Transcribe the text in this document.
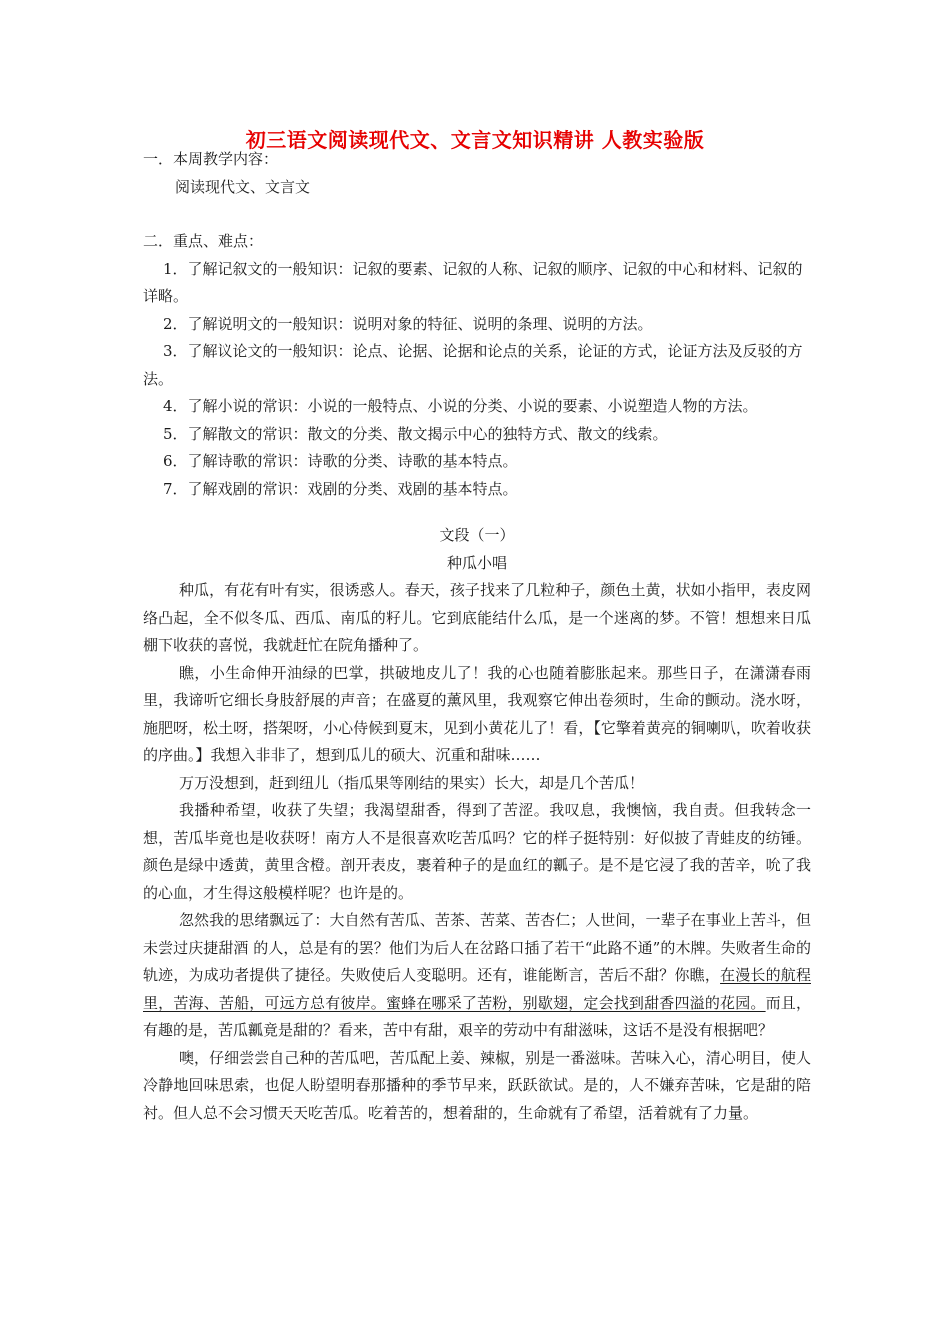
初三语文阅读现代文、文言文知识精讲 人教实验版

一．本周教学内容：

阅读现代文、文言文

二．重点、难点：

1．了解记叙文的一般知识：记叙的要素、记叙的人称、记叙的顺序、记叙的中心和材料、记叙的详略。

2．了解说明文的一般知识：说明对象的特征、说明的条理、说明的方法。

3．了解议论文的一般知识：论点、论据、论据和论点的关系，论证的方式，论证方法及反驳的方法。

4．了解小说的常识：小说的一般特点、小说的分类、小说的要素、小说塑造人物的方法。

5．了解散文的常识：散文的分类、散文揭示中心的独特方式、散文的线索。

6．了解诗歌的常识：诗歌的分类、诗歌的基本特点。

7．了解戏剧的常识：戏剧的分类、戏剧的基本特点。

文段（一）

种瓜小唱

种瓜，有花有叶有实，很诱惑人。春天，孩子找来了几粒种子，颜色土黄，状如小指甲，表皮网络凸起，全不似冬瓜、西瓜、南瓜的籽儿。它到底能结什么瓜，是一个迷离的梦。不管！想想来日瓜棚下收获的喜悦，我就赶忙在院角播种了。

瞧，小生命伸开油绿的巴掌，拱破地皮儿了！我的心也随着膨胀起来。那些日子，在潇潇春雨里，我谛听它细长身肢舒展的声音；在盛夏的薰风里，我观察它伸出卷须时，生命的颤动。浇水呀，施肥呀，松土呀，搭架呀，小心侍候到夏末，见到小黄花儿了！看，【它擎着黄亮的铜喇叭，吹着收获的序曲。】我想入非非了，想到瓜儿的硕大、沉重和甜味……

万万没想到，赶到纽儿（指瓜果等刚结的果实）长大，却是几个苦瓜！

我播种希望，收获了失望；我渴望甜香，得到了苦涩。我叹息，我懊恼，我自责。但我转念一想，苦瓜毕竟也是收获呀！南方人不是很喜欢吃苦瓜吗？它的样子挺特别：好似披了青蛙皮的纺锤。颜色是绿中透黄，黄里含橙。剖开表皮，裹着种子的是血红的瓤子。是不是它浸了我的苦辛，吮了我的心血，才生得这般模样呢？也许是的。

忽然我的思绪飘远了：大自然有苦瓜、苦茶、苦菜、苦杏仁；人世间，一辈子在事业上苦斗，但未尝过庆捷甜酒 的人，总是有的罢？他们为后人在岔路口插了若干“此路不通”的木牌。失败者生命的轨迹，为成功者提供了捷径。失败使后人变聪明。还有，谁能断言，苦后不甜？你瞧，在漫长的航程里，苦海、苦船，可远方总有彼岸。蜜蜂在哪采了苦粉，别歇翅，定会找到甜香四溢的花园。而且，有趣的是，苦瓜瓤竟是甜的？看来，苦中有甜，艰辛的劳动中有甜滋味，这话不是没有根据吧？

噢，仔细尝尝自己种的苦瓜吧，苦瓜配上姜、辣椒，别是一番滋味。苦味入心，清心明目，使人冷静地回味思索，也促人盼望明春那播种的季节早来，跃跃欲试。是的，人不嫌弃苦味，它是甜的陪衬。但人总不会习惯天天吃苦瓜。吃着苦的，想着甜的，生命就有了希望，活着就有了力量。
